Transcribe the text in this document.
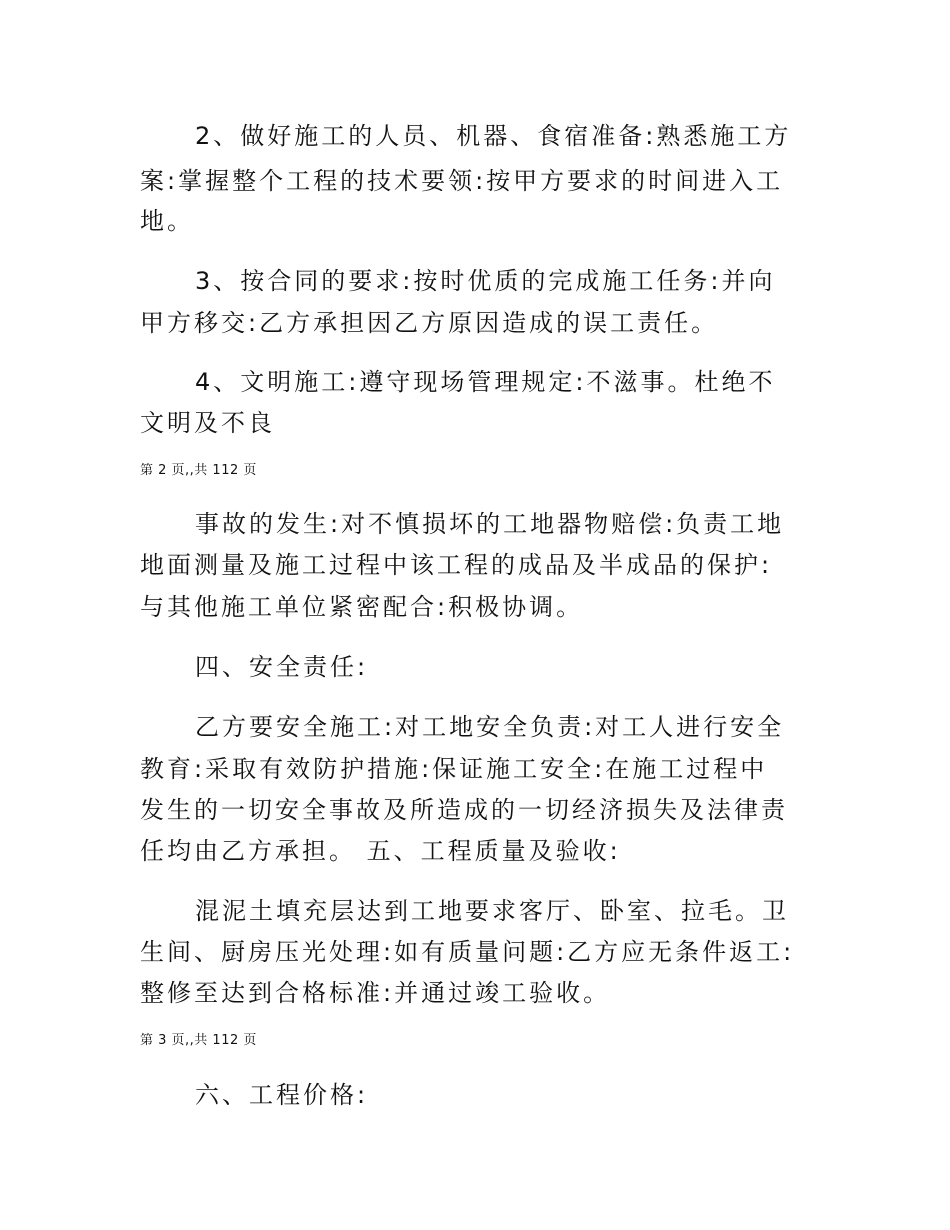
2、做好施工的人员、机器、食宿准备:熟悉施工方
案:掌握整个工程的技术要领:按甲方要求的时间进入工
地。
3、按合同的要求:按时优质的完成施工任务:并向
甲方移交:乙方承担因乙方原因造成的误工责任。
4、文明施工:遵守现场管理规定:不滋事。杜绝不
文明及不良
第 2 页,,共 112 页
事故的发生:对不慎损坏的工地器物赔偿:负责工地
地面测量及施工过程中该工程的成品及半成品的保护:
与其他施工单位紧密配合:积极协调。
四、安全责任:
乙方要安全施工:对工地安全负责:对工人进行安全
教育:采取有效防护措施:保证施工安全:在施工过程中
发生的一切安全事故及所造成的一切经济损失及法律责
任均由乙方承担。 五、工程质量及验收:
混泥土填充层达到工地要求客厅、卧室、拉毛。卫
生间、厨房压光处理:如有质量问题:乙方应无条件返工:
整修至达到合格标准:并通过竣工验收。
第 3 页,,共 112 页
六、工程价格:
